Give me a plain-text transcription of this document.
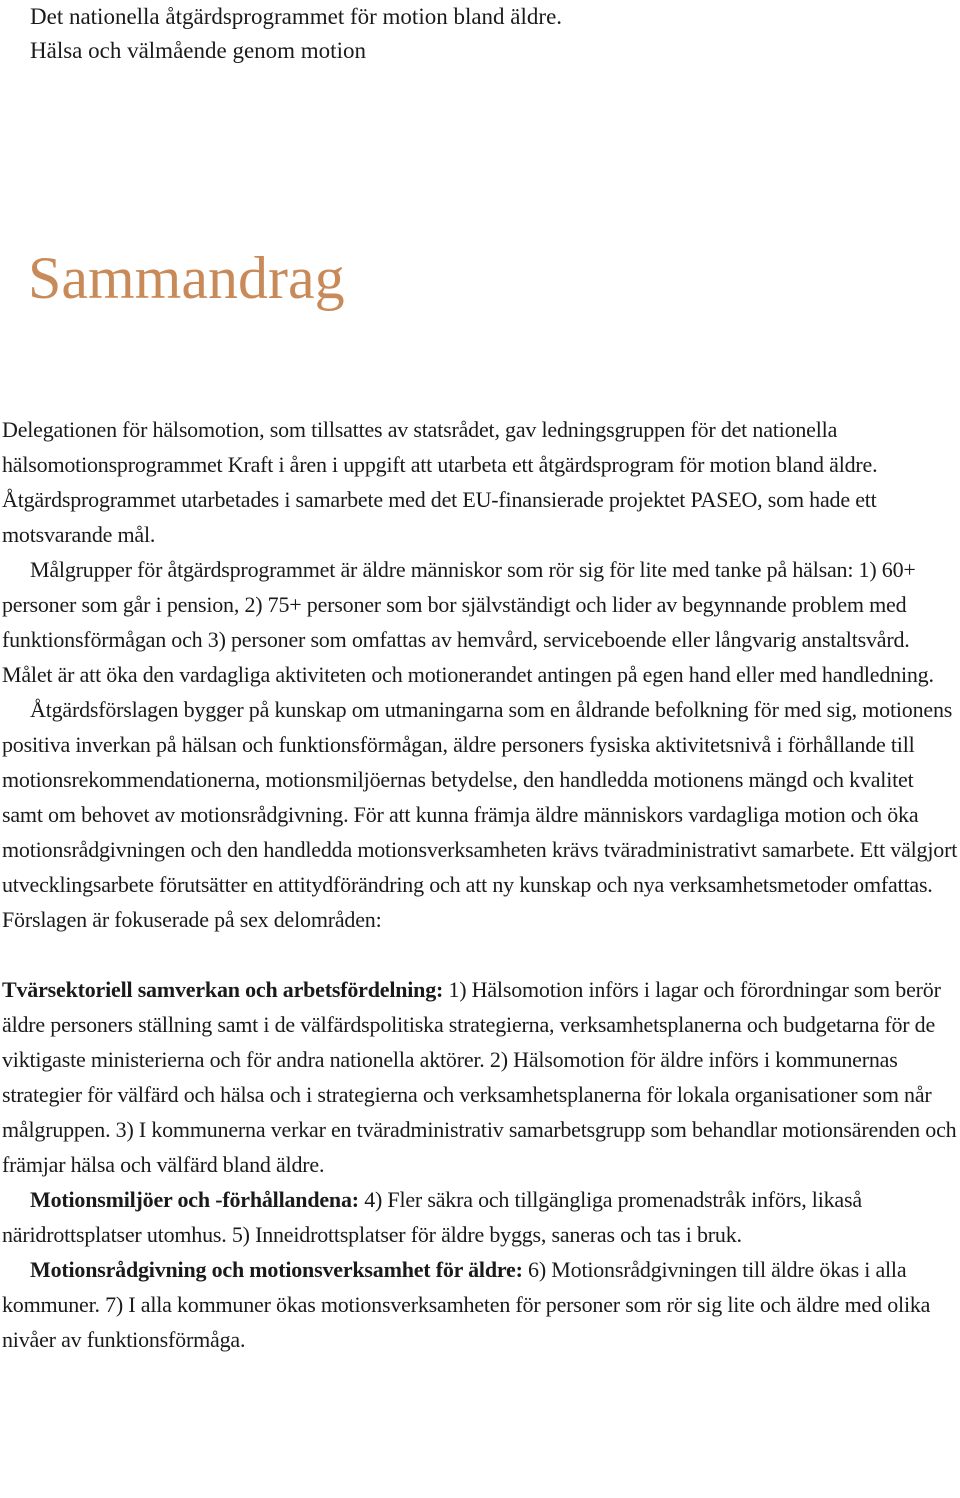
Det nationella åtgärdsprogrammet för motion bland äldre.
Hälsa och välmående genom motion
Sammandrag

Delegationen för hälsomotion, som tillsattes av statsrådet, gav ledningsgruppen för det nationella hälsomotionsprogrammet Kraft i åren i uppgift att utarbeta ett åtgärdsprogram för motion bland äldre. Åtgärdsprogrammet utarbetades i samarbete med det EU-finansierade projektet PASEO, som hade ett motsvarande mål.

Målgrupper för åtgärdsprogrammet är äldre människor som rör sig för lite med tanke på hälsan: 1) 60+ personer som går i pension, 2) 75+ personer som bor självständigt och lider av begynnande problem med funktionsförmågan och 3) personer som omfattas av hemvård, serviceboende eller långvarig anstaltsvård. Målet är att öka den vardagliga aktiviteten och motionerandet antingen på egen hand eller med handledning.

Åtgärdsförslagen bygger på kunskap om utmaningarna som en åldrande befolkning för med sig, motionens positiva inverkan på hälsan och funktionsförmågan, äldre personers fysiska aktivitetsnivå i förhållande till motionsrekommendationerna, motionsmiljöernas betydelse, den handledda motionens mängd och kvalitet samt om behovet av motionsrådgivning. För att kunna främja äldre människors vardagliga motion och öka motionsrådgivningen och den handledda motionsverksamheten krävs tväradministrativt samarbete. Ett välgjort utvecklingsarbete förutsätter en attitydförändring och att ny kunskap och nya verksamhetsmetoder omfattas. Förslagen är fokuserade på sex delområden:

Tvärsektoriell samverkan och arbetsfördelning: 1) Hälsomotion införs i lagar och förordningar som berör äldre personers ställning samt i de välfärdspolitiska strategierna, verksamhetsplanerna och budgetarna för de viktigaste ministerierna och för andra nationella aktörer. 2) Hälsomotion för äldre införs i kommunernas strategier för välfärd och hälsa och i strategierna och verksamhetsplanerna för lokala organisationer som når målgruppen. 3) I kommunerna verkar en tväradministrativ samarbetsgrupp som behandlar motionsärenden och främjar hälsa och välfärd bland äldre.

Motionsmiljöer och -förhållandena: 4) Fler säkra och tillgängliga promenadstråk införs, likaså näridrottsplatser utomhus. 5) Inneidrottsplatser för äldre byggs, saneras och tas i bruk.

Motionsrådgivning och motionsverksamhet för äldre: 6) Motionsrådgivningen till äldre ökas i alla kommuner. 7) I alla kommuner ökas motionsverksamheten för personer som rör sig lite och äldre med olika nivåer av funktionsförmåga.
